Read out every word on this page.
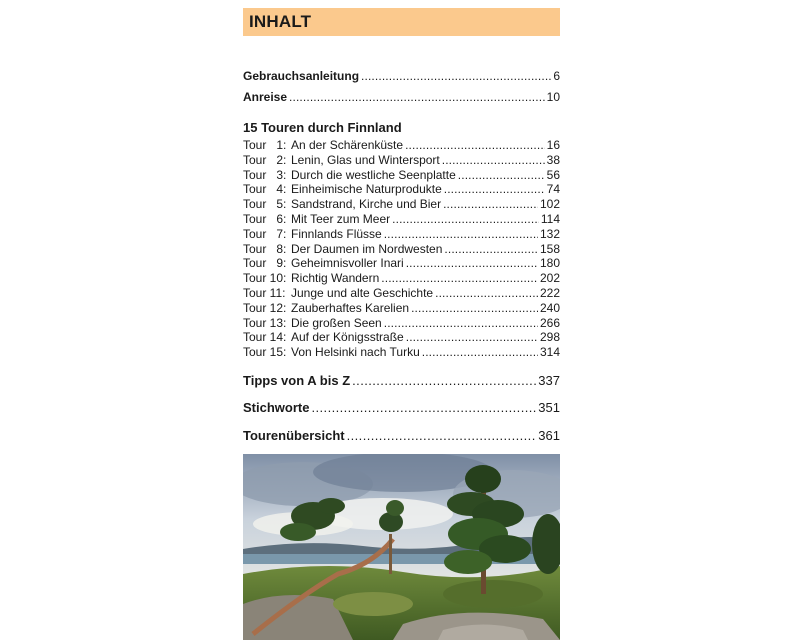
INHALT
Gebrauchsanleitung . . .	6
Anreise . . .	10
15 Touren durch Finnland
Tour   1: An der Schärenküste . . .	16
Tour   2: Lenin, Glas und Wintersport . . .	38
Tour   3: Durch die westliche Seenplatte . . .	56
Tour   4: Einheimische Naturprodukte . . .	74
Tour   5: Sandstrand, Kirche und Bier . . .	102
Tour   6: Mit Teer zum Meer . . .	114
Tour   7: Finnlands Flüsse . . .	132
Tour   8: Der Daumen im Nordwesten . . .	158
Tour   9: Geheimnisvoller Inari . . .	180
Tour 10: Richtig Wandern . . .	202
Tour 11: Junge und alte Geschichte . . .	222
Tour 12: Zauberhaftes Karelien . . .	240
Tour 13: Die großen Seen . . .	266
Tour 14: Auf der Königsstraße . . .	298
Tour 15: Von Helsinki nach Turku . . .	314
Tipps von A bis Z . . .	337
Stichworte . . .	351
Tourenübersicht . . .	361
